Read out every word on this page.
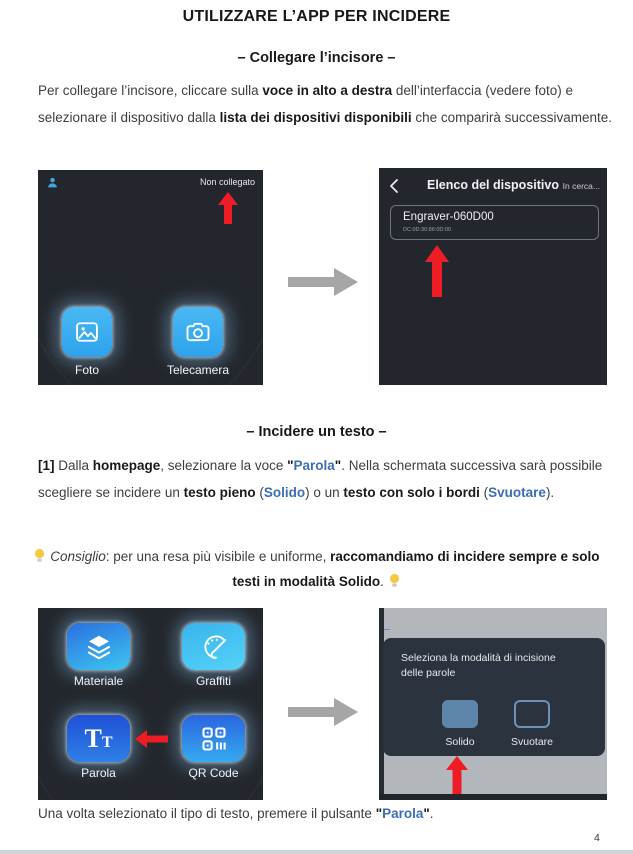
UTILIZZARE L’APP PER INCIDERE
– Collegare l’incisore –

Per collegare l’incisore, cliccare sulla voce in alto a destra dell’interfaccia (vedere foto) e selezionare il dispositivo dalla lista dei dispositivi disponibili che comparirà successivamente.

Non collegato
Foto	Telecamera
Elenco del dispositivo In cerca...
Engraver-060D00
DC:0D:30:86:0D:00
– Incidere un testo –

[1] Dalla homepage, selezionare la voce "Parola". Nella schermata successiva sarà possibile scegliere se incidere un testo pieno (Solido) o un testo con solo i bordi (Svuotare).

Consiglio: per una resa più visibile e uniforme, raccomandiamo di incidere sempre e solo testi in modalità Solido.

TT
Materiale	Graffiti
Parola	QR Code
Seleziona la modalità di incisione delle parole
Solido	Svuotare

Una volta selezionato il tipo di testo, premere il pulsante "Parola".

4
